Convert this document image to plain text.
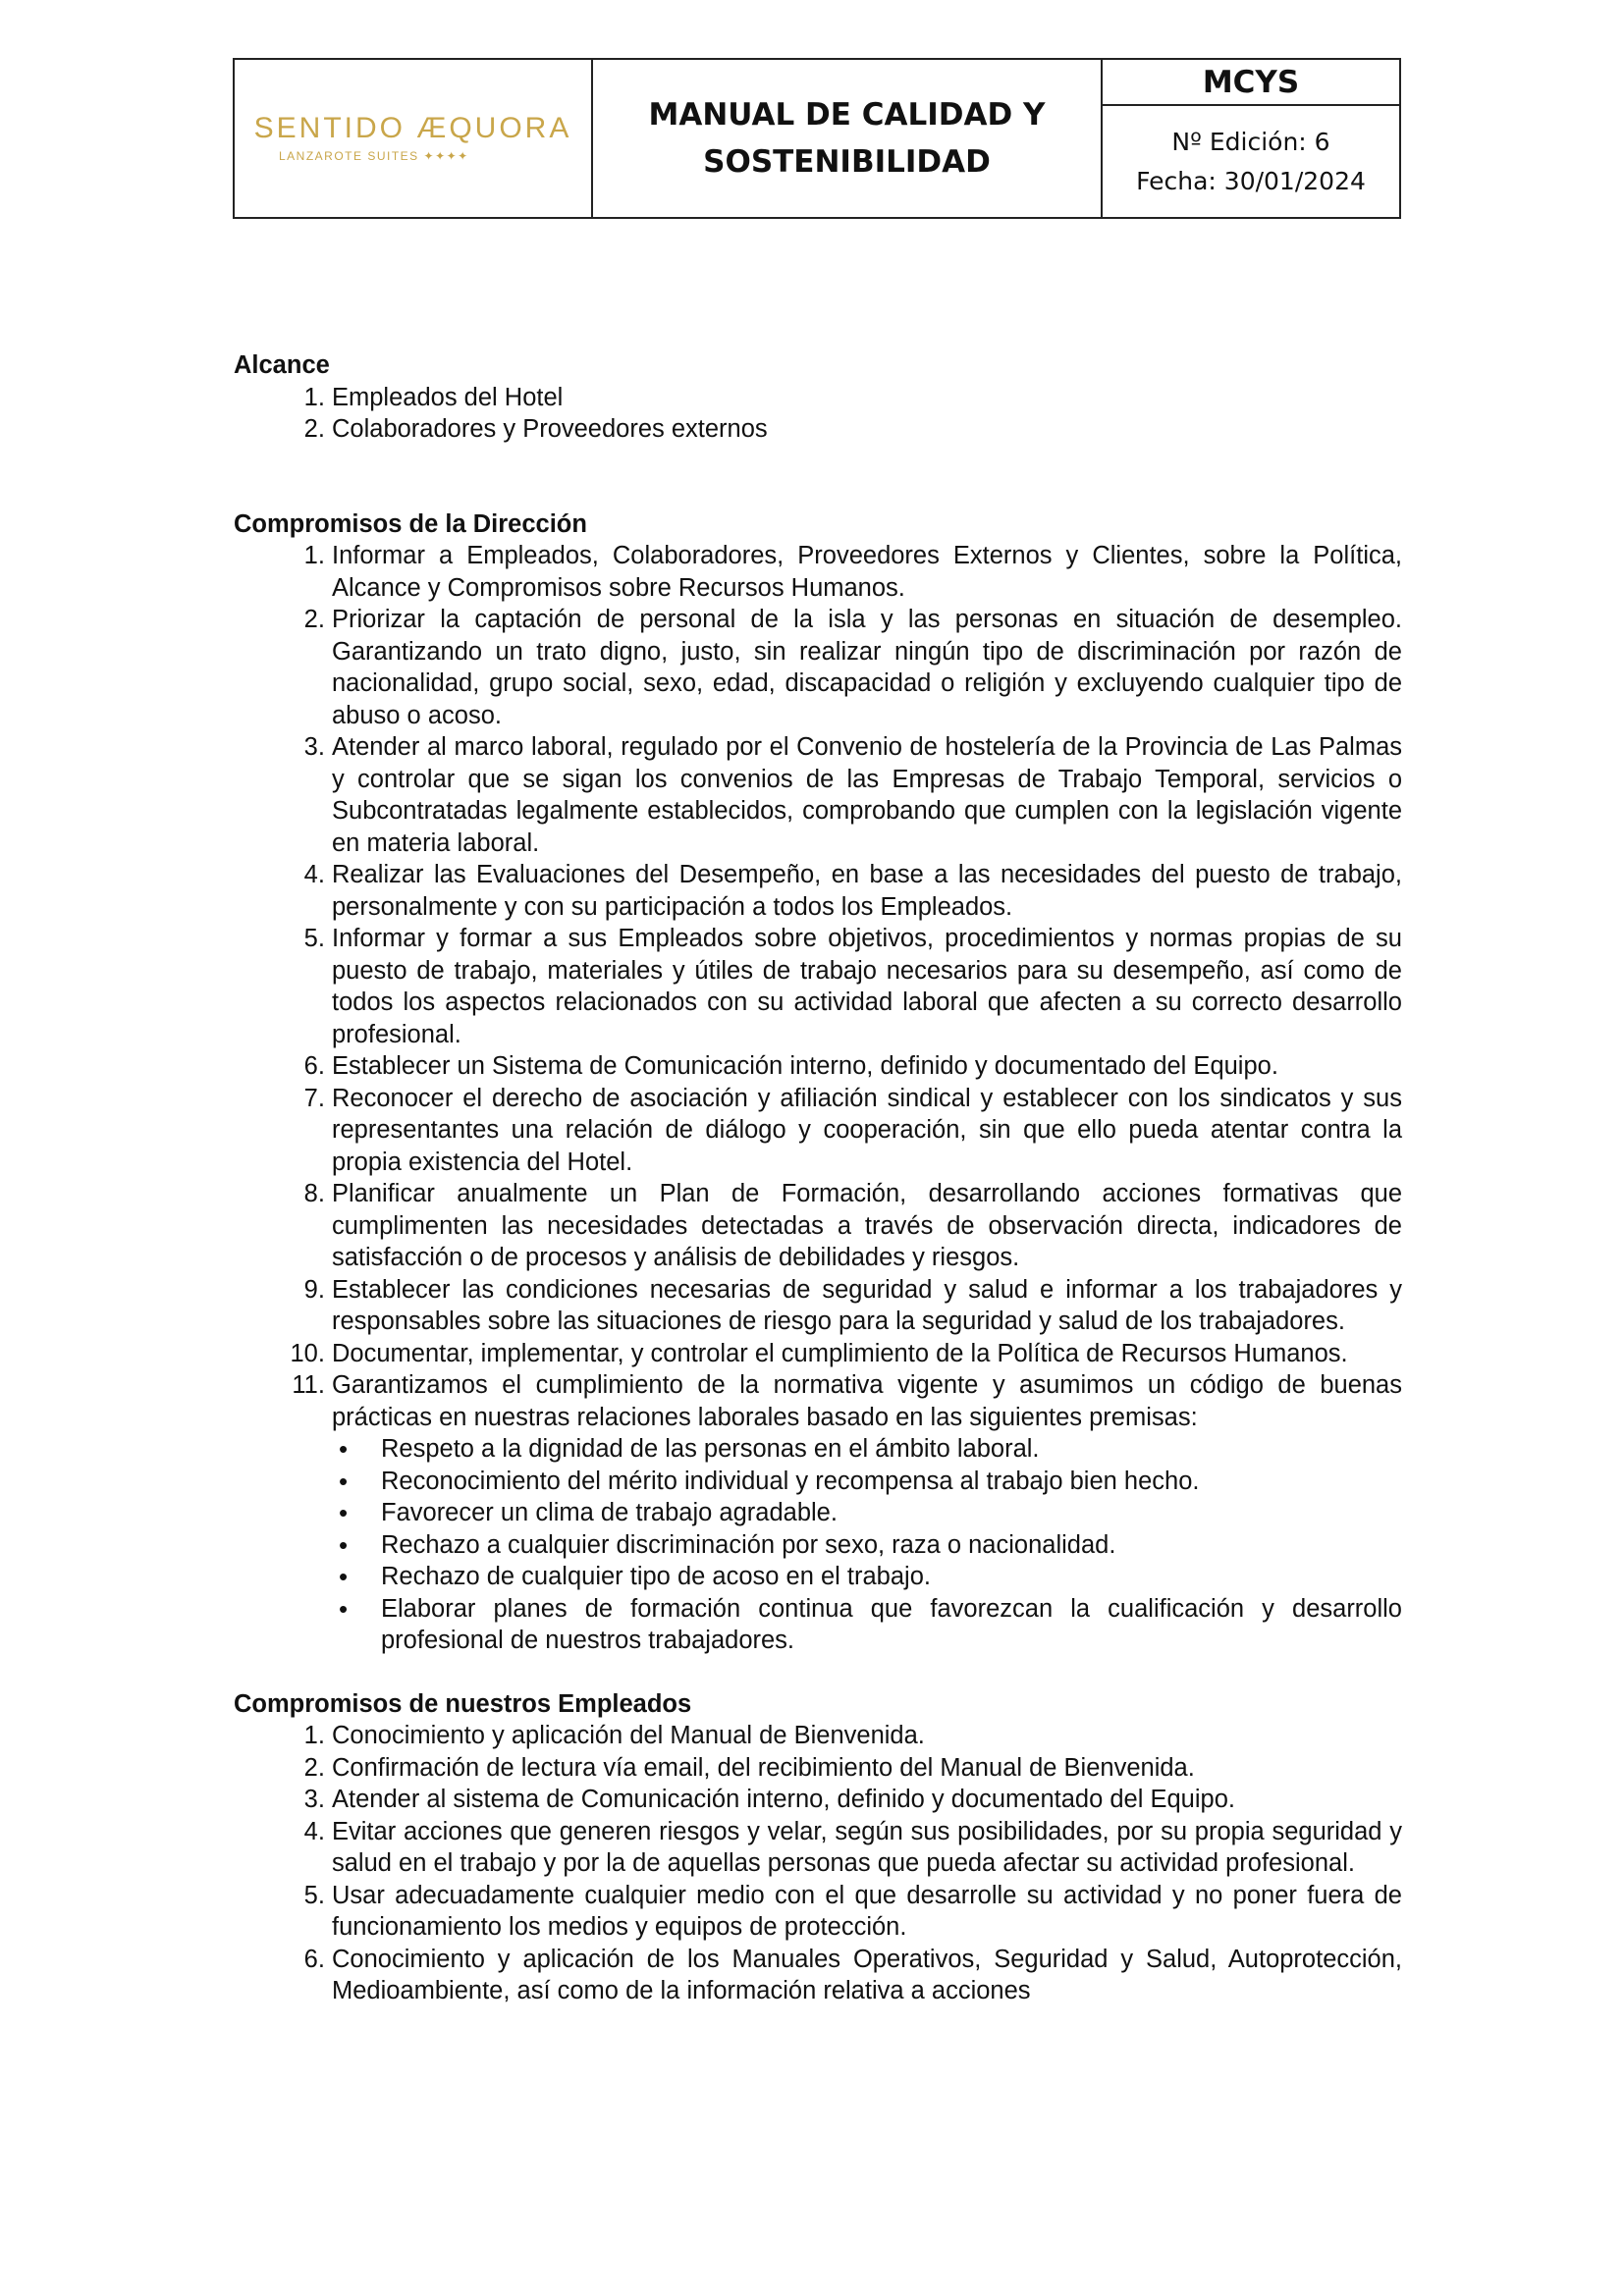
SENTIDO ÆQUORA
LANZAROTE SUITES ✦✦✦✦
MANUAL DE CALIDAD Y
SOSTENIBILIDAD
MCYS
Nº Edición: 6
Fecha: 30/01/2024

Alcance

1. Empleados del Hotel
2. Colaboradores y Proveedores externos

Compromisos de la Dirección

1. Informar a Empleados, Colaboradores, Proveedores Externos y Clientes, sobre la Política, Alcance y Compromisos sobre Recursos Humanos.
2. Priorizar la captación de personal de la isla y las personas en situación de desempleo. Garantizando un trato digno, justo, sin realizar ningún tipo de discriminación por razón de nacionalidad, grupo social, sexo, edad, discapacidad o religión y excluyendo cualquier tipo de abuso o acoso.
3. Atender al marco laboral, regulado por el Convenio de hostelería de la Provincia de Las Palmas y controlar que se sigan los convenios de las Empresas de Trabajo Temporal, servicios o Subcontratadas legalmente establecidos, comprobando que cumplen con la legislación vigente en materia laboral.
4. Realizar las Evaluaciones del Desempeño, en base a las necesidades del puesto de trabajo, personalmente y con su participación a todos los Empleados.
5. Informar y formar a sus Empleados sobre objetivos, procedimientos y normas propias de su puesto de trabajo, materiales y útiles de trabajo necesarios para su desempeño, así como de todos los aspectos relacionados con su actividad laboral que afecten a su correcto desarrollo profesional.
6. Establecer un Sistema de Comunicación interno, definido y documentado del Equipo.
7. Reconocer el derecho de asociación y afiliación sindical y establecer con los sindicatos y sus representantes una relación de diálogo y cooperación, sin que ello pueda atentar contra la propia existencia del Hotel.
8. Planificar anualmente un Plan de Formación, desarrollando acciones formativas que cumplimenten las necesidades detectadas a través de observación directa, indicadores de satisfacción o de procesos y análisis de debilidades y riesgos.
9. Establecer las condiciones necesarias de seguridad y salud e informar a los trabajadores y responsables sobre las situaciones de riesgo para la seguridad y salud de los trabajadores.
10. Documentar, implementar, y controlar el cumplimiento de la Política de Recursos Humanos.
11. Garantizamos el cumplimiento de la normativa vigente y asumimos un código de buenas prácticas en nuestras relaciones laborales basado en las siguientes premisas:
• Respeto a la dignidad de las personas en el ámbito laboral.
• Reconocimiento del mérito individual y recompensa al trabajo bien hecho.
• Favorecer un clima de trabajo agradable.
• Rechazo a cualquier discriminación por sexo, raza o nacionalidad.
• Rechazo de cualquier tipo de acoso en el trabajo.
• Elaborar planes de formación continua que favorezcan la cualificación y desarrollo profesional de nuestros trabajadores.

Compromisos de nuestros Empleados

1. Conocimiento y aplicación del Manual de Bienvenida.
2. Confirmación de lectura vía email, del recibimiento del Manual de Bienvenida.
3. Atender al sistema de Comunicación interno, definido y documentado del Equipo.
4. Evitar acciones que generen riesgos y velar, según sus posibilidades, por su propia seguridad y salud en el trabajo y por la de aquellas personas que pueda afectar su actividad profesional.
5. Usar adecuadamente cualquier medio con el que desarrolle su actividad y no poner fuera de funcionamiento los medios y equipos de protección.
6. Conocimiento y aplicación de los Manuales Operativos, Seguridad y Salud, Autoprotección, Medioambiente, así como de la información relativa a acciones
